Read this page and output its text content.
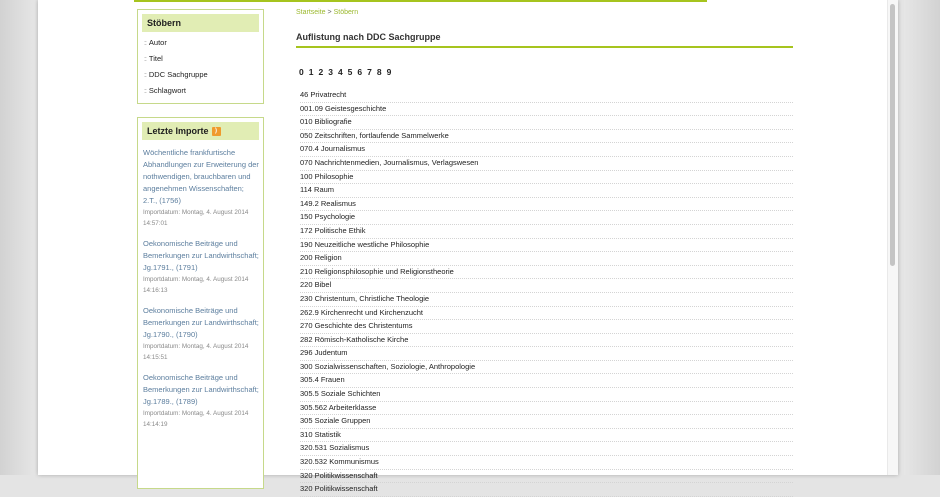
Stöbern
:: Autor
:: Titel
:: DDC Sachgruppe
:: Schlagwort
Letzte Importe )
Wöchentliche frankfurtische Abhandlungen zur Erweiterung der nothwendigen, brauchbaren und angenehmen Wissenschaften; 2.T., (1756)
Importdatum: Montag, 4. August 2014 14:57:01
Oekonomische Beiträge und Bemerkungen zur Landwirthschaft; Jg.1791., (1791)
Importdatum: Montag, 4. August 2014 14:16:13
Oekonomische Beiträge und Bemerkungen zur Landwirthschaft; Jg.1790., (1790)
Importdatum: Montag, 4. August 2014 14:15:51
Oekonomische Beiträge und Bemerkungen zur Landwirthschaft; Jg.1789., (1789)
Importdatum: Montag, 4. August 2014 14:14:19
Startseite > Stöbern
Auflistung nach DDC Sachgruppe
0 1 2 3 4 5 6 7 8 9
46 Privatrecht
001.09 Geistesgeschichte
010 Bibliografie
050 Zeitschriften, fortlaufende Sammelwerke
070.4 Journalismus
070 Nachrichtenmedien, Journalismus, Verlagswesen
100 Philosophie
114 Raum
149.2 Realismus
150 Psychologie
172 Politische Ethik
190 Neuzeitliche westliche Philosophie
200 Religion
210 Religionsphilosophie und Religionstheorie
220 Bibel
230 Christentum, Christliche Theologie
262.9 Kirchenrecht und Kirchenzucht
270 Geschichte des Christentums
282 Römisch-Katholische Kirche
296 Judentum
300 Sozialwissenschaften, Soziologie, Anthropologie
305.4 Frauen
305.5 Soziale Schichten
305.562 Arbeiterklasse
305 Soziale Gruppen
310 Statistik
320.531 Sozialismus
320.532 Kommunismus
320 Politikwissenschaft
320 Politikwissenschaft
